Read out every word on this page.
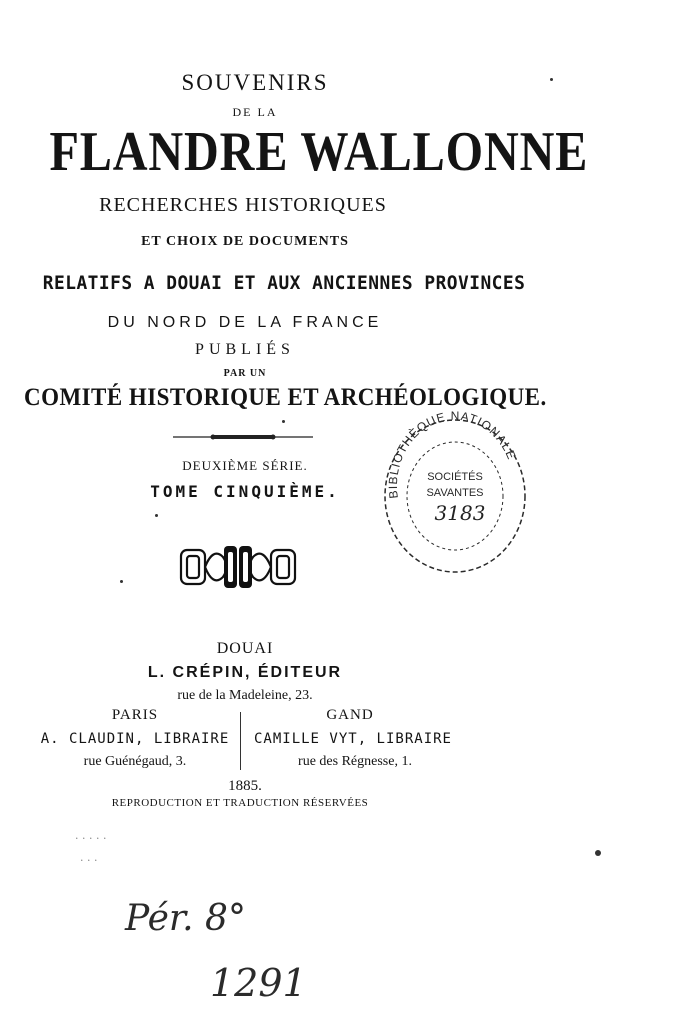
SOUVENIRS
DE LA
FLANDRE WALLONNE
RECHERCHES HISTORIQUES
ET CHOIX DE DOCUMENTS
RELATIFS A DOUAI ET AUX ANCIENNES PROVINCES
DU NORD DE LA FRANCE
PUBLIÉS
PAR UN
COMITÉ HISTORIQUE ET ARCHÉOLOGIQUE.
DEUXIÈME SÉRIE.
TOME CINQUIÈME.	BIBLIOTHÈQUE NATIONALE
SOCIÉTÉS
SAVANTES
3183
DOUAI
L. CRÉPIN, ÉDITEUR
rue de la Madeleine, 23.
PARIS	GAND
A. CLAUDIN, LIBRAIRE	CAMILLE VYT, LIBRAIRE
rue Guénégaud, 3.	rue des Régnesse, 1.
1885.
REPRODUCTION ET TRADUCTION RÉSERVÉES
· · · · ·
· · ·
Pér. 8°
1291
